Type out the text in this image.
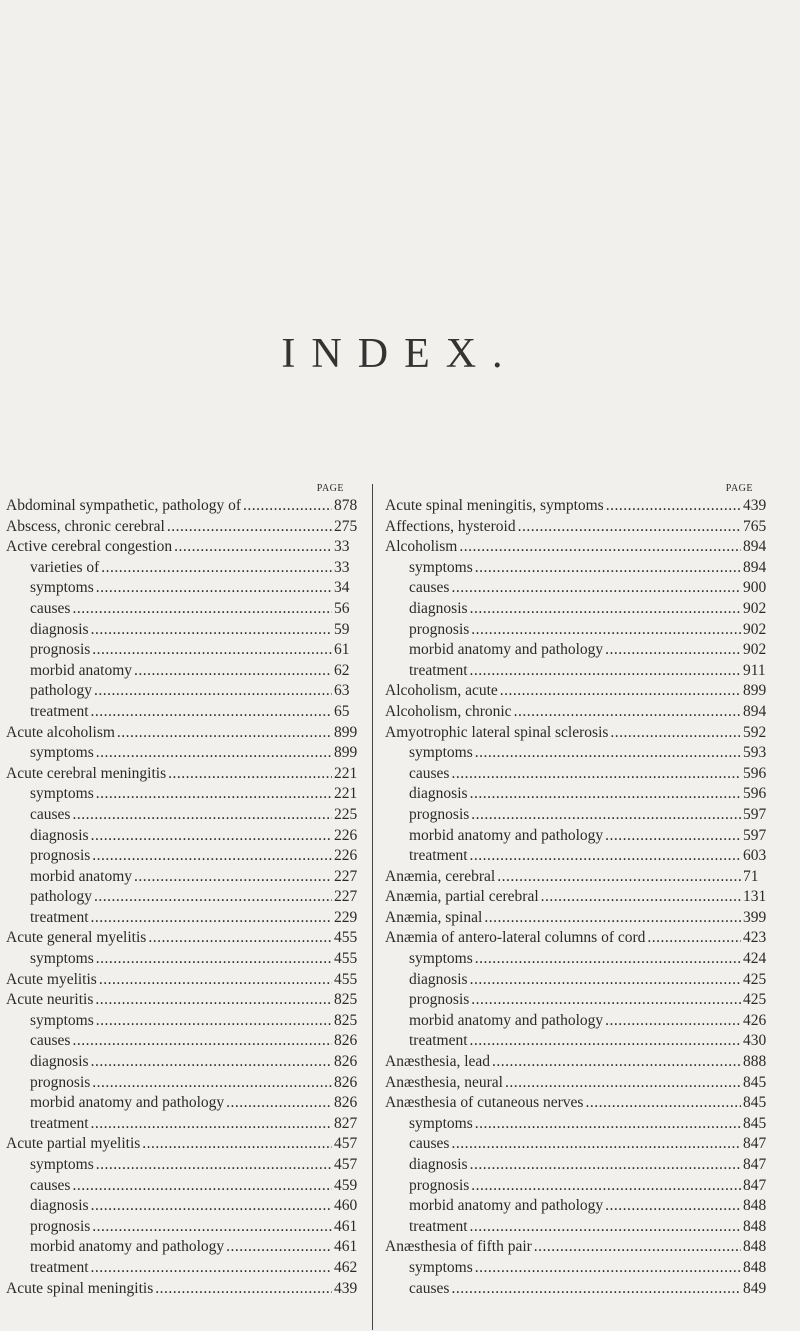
INDEX.
PAGE
Abdominal sympathetic, pathology of .....	878
Abscess, chronic cerebral .....	275
Active cerebral congestion .....	33
varieties of .....	33
symptoms .....	34
causes .....	56
diagnosis .....	59
prognosis .....	61
morbid anatomy .....	62
pathology .....	63
treatment .....	65
Acute alcoholism .....	899
symptoms .....	899
Acute cerebral meningitis .....	221
symptoms .....	221
causes .....	225
diagnosis .....	226
prognosis .....	226
morbid anatomy .....	227
pathology .....	227
treatment .....	229
Acute general myelitis .....	455
symptoms .....	455
Acute myelitis .....	455
Acute neuritis .....	825
symptoms .....	825
causes .....	826
diagnosis .....	826
prognosis .....	826
morbid anatomy and pathology .....	826
treatment .....	827
Acute partial myelitis .....	457
symptoms .....	457
causes .....	459
diagnosis .....	460
prognosis .....	461
morbid anatomy and pathology .....	461
treatment .....	462
Acute spinal meningitis .....	439
PAGE
Acute spinal meningitis, symptoms .....	439
Affections, hysteroid .....	765
Alcoholism .....	894
symptoms .....	894
causes .....	900
diagnosis .....	902
prognosis .....	902
morbid anatomy and pathology .....	902
treatment .....	911
Alcoholism, acute .....	899
Alcoholism, chronic .....	894
Amyotrophic lateral spinal sclerosis .....	592
symptoms .....	593
causes .....	596
diagnosis .....	596
prognosis .....	597
morbid anatomy and pathology .....	597
treatment .....	603
Anæmia, cerebral .....	71
Anæmia, partial cerebral .....	131
Anæmia, spinal .....	399
Anæmia of antero-lateral columns of cord .....	423
symptoms .....	424
diagnosis .....	425
prognosis .....	425
morbid anatomy and pathology .....	426
treatment .....	430
Anæsthesia, lead .....	888
Anæsthesia, neural .....	845
Anæsthesia of cutaneous nerves .....	845
symptoms .....	845
causes .....	847
diagnosis .....	847
prognosis .....	847
morbid anatomy and pathology .....	848
treatment .....	848
Anæsthesia of fifth pair .....	848
symptoms .....	848
causes .....	849
